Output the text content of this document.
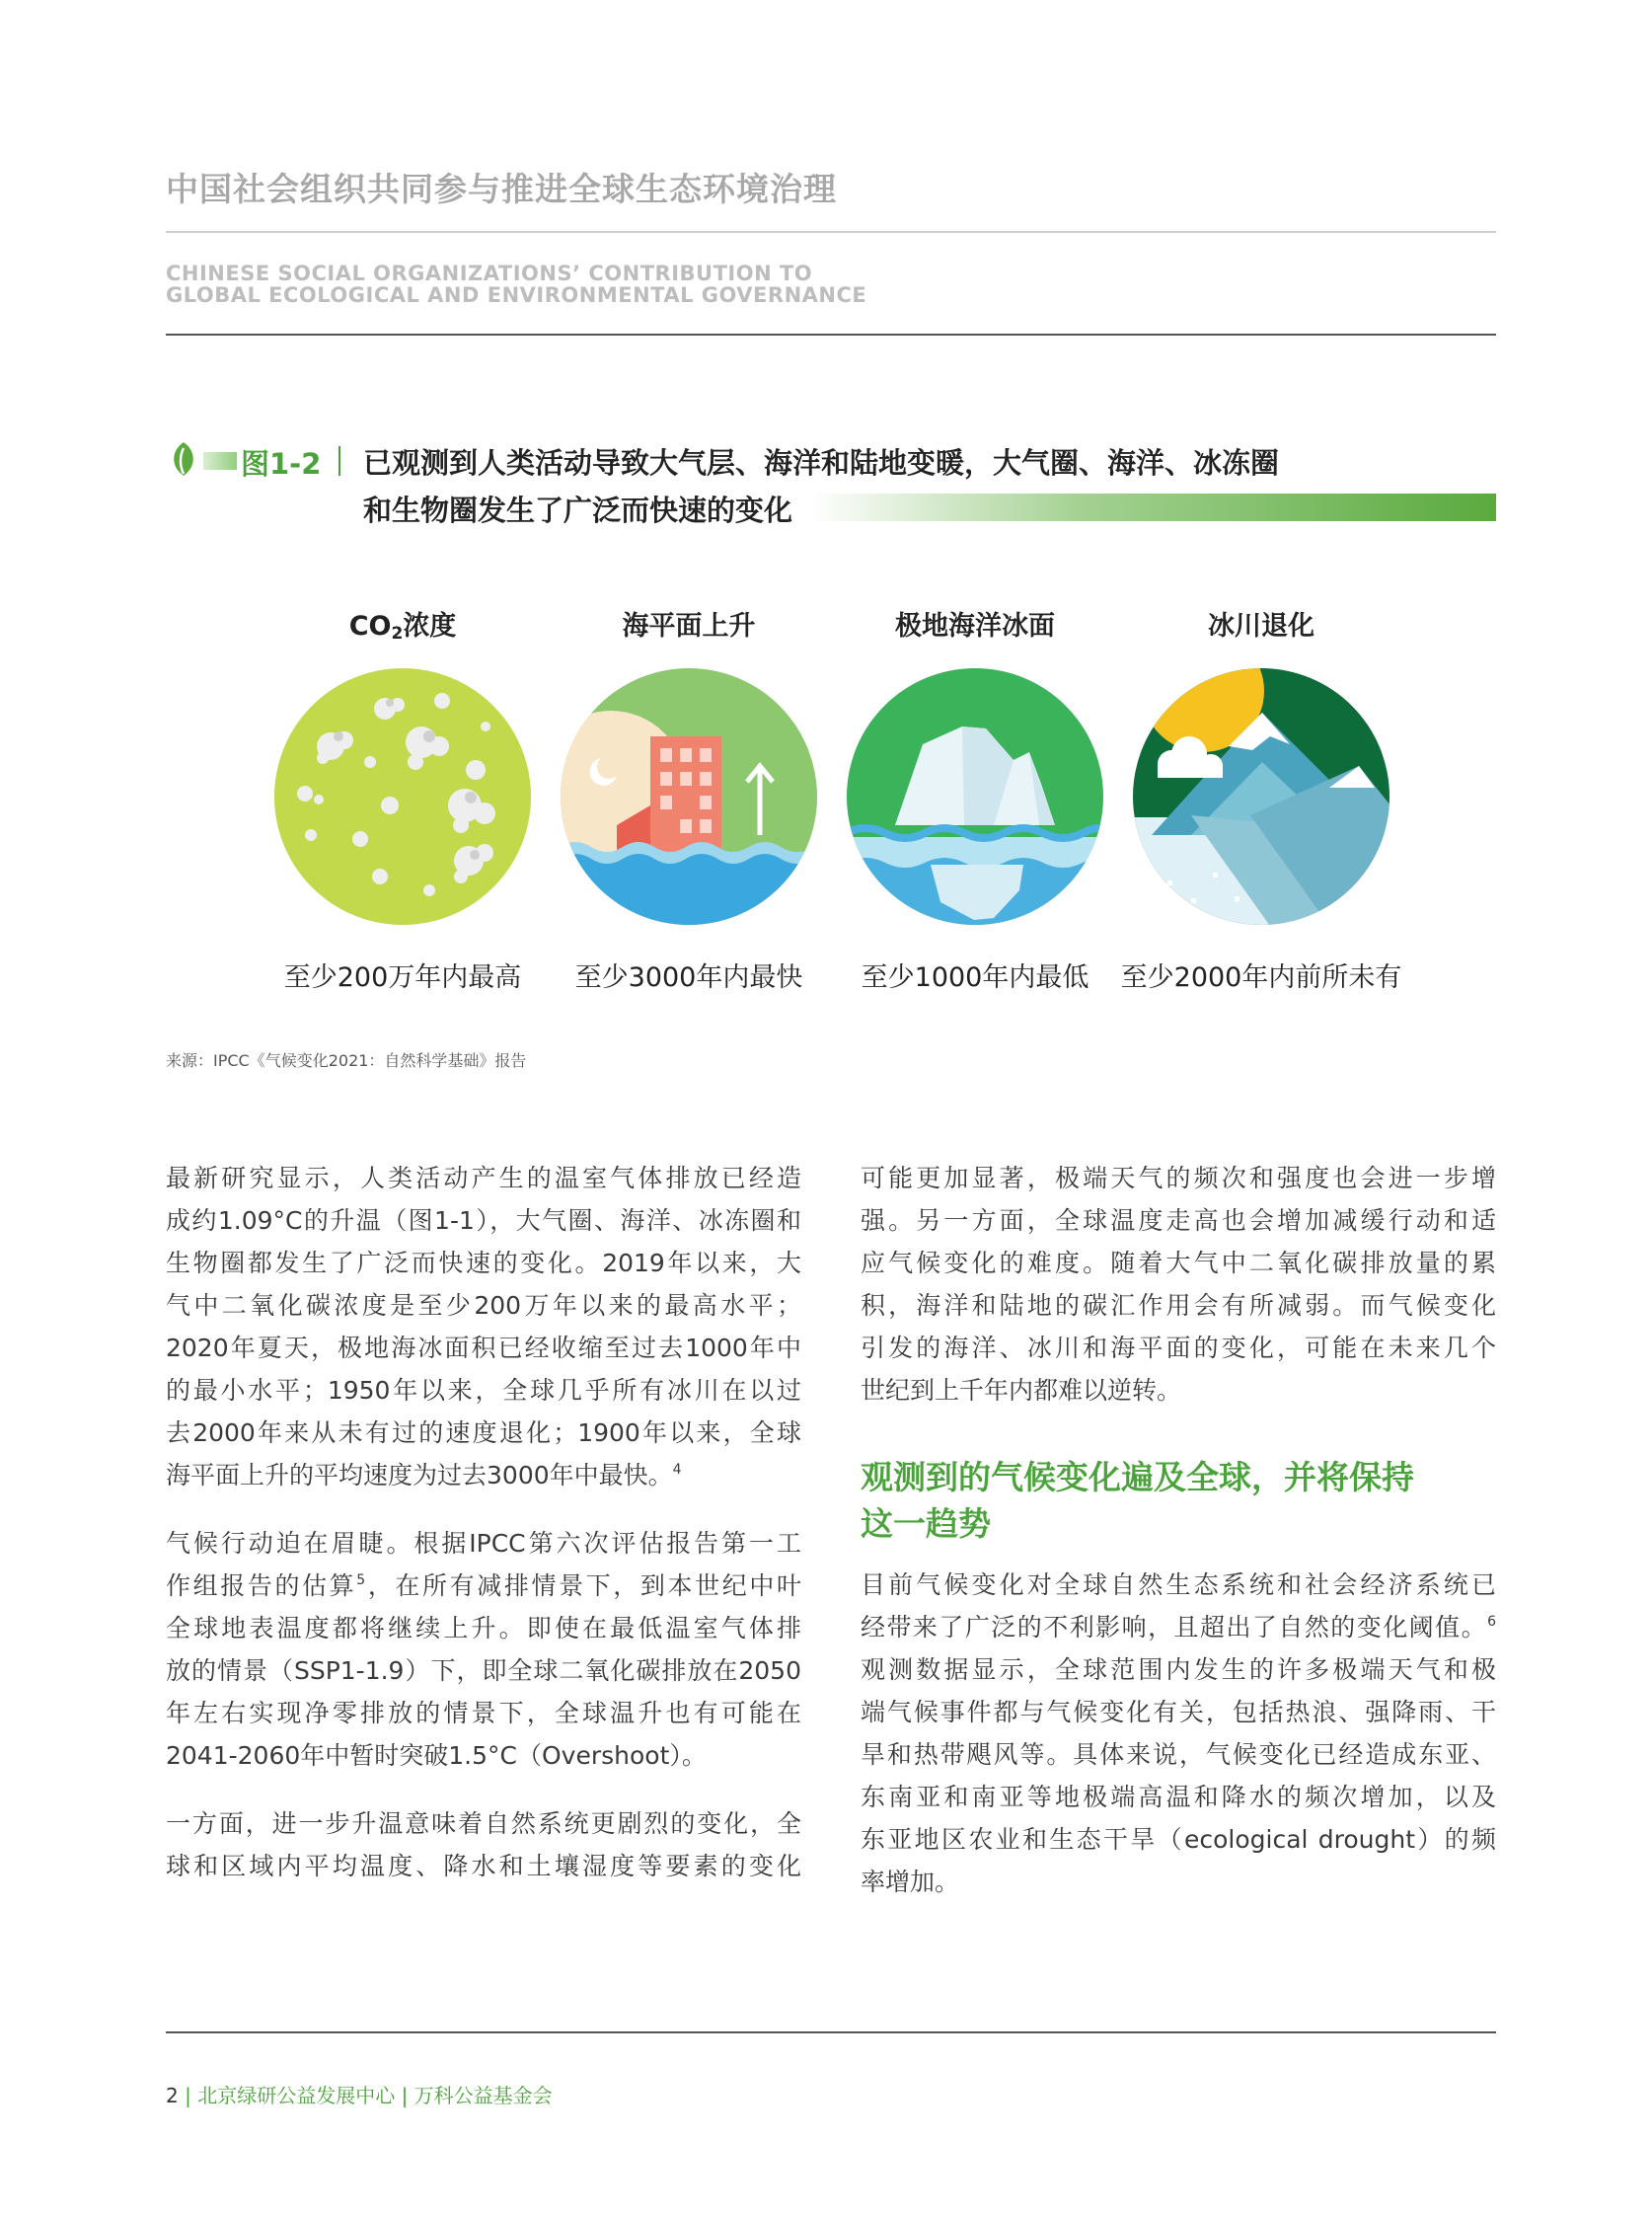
中国社会组织共同参与推进全球生态环境治理
CHINESE SOCIAL ORGANIZATIONS’ CONTRIBUTION TO
GLOBAL ECOLOGICAL AND ENVIRONMENTAL GOVERNANCE
图1-2 已观测到人类活动导致大气层、海洋和陆地变暖，大气圈、海洋、冰冻圈
和生物圈发生了广泛而快速的变化
$CO_2$浓度	海平面上升	极地海洋冰面	冰川退化
至少200万年内最高	至少3000年内最快	至少1000年内最低	至少2000年内前所未有
来源：IPCC《气候变化2021：自然科学基础》报告
最新研究显示，人类活动产生的温室气体排放已经造
成约1.09°C的升温（图1-1），大气圈、海洋、冰冻圈和
生物圈都发生了广泛而快速的变化。2019年以来，大
气中二氧化碳浓度是至少200万年以来的最高水平；
2020年夏天，极地海冰面积已经收缩至过去1000年中
的最小水平；1950年以来，全球几乎所有冰川在以过
去2000年来从未有过的速度退化；1900年以来，全球
海平面上升的平均速度为过去3000年中最快。$^4$
气候行动迫在眉睫。根据IPCC第六次评估报告第一工
作组报告的估算$^5$，在所有减排情景下，到本世纪中叶
全球地表温度都将继续上升。即使在最低温室气体排
放的情景（SSP1-1.9）下，即全球二氧化碳排放在2050
年左右实现净零排放的情景下，全球温升也有可能在
2041-2060年中暂时突破1.5°C（Overshoot）。
一方面，进一步升温意味着自然系统更剧烈的变化，全
球和区域内平均温度、降水和土壤湿度等要素的变化
可能更加显著，极端天气的频次和强度也会进一步增
强。另一方面，全球温度走高也会增加减缓行动和适
应气候变化的难度。随着大气中二氧化碳排放量的累
积，海洋和陆地的碳汇作用会有所减弱。而气候变化
引发的海洋、冰川和海平面的变化，可能在未来几个
世纪到上千年内都难以逆转。
观测到的气候变化遍及全球，并将保持
这一趋势
目前气候变化对全球自然生态系统和社会经济系统已
经带来了广泛的不利影响，且超出了自然的变化阈值。$^6$
观测数据显示，全球范围内发生的许多极端天气和极
端气候事件都与气候变化有关，包括热浪、强降雨、干
旱和热带飓风等。具体来说，气候变化已经造成东亚、
东南亚和南亚等地极端高温和降水的频次增加，以及
东亚地区农业和生态干旱（ecological drought）的频
率增加。
2 | 北京绿研公益发展中心 | 万科公益基金会
